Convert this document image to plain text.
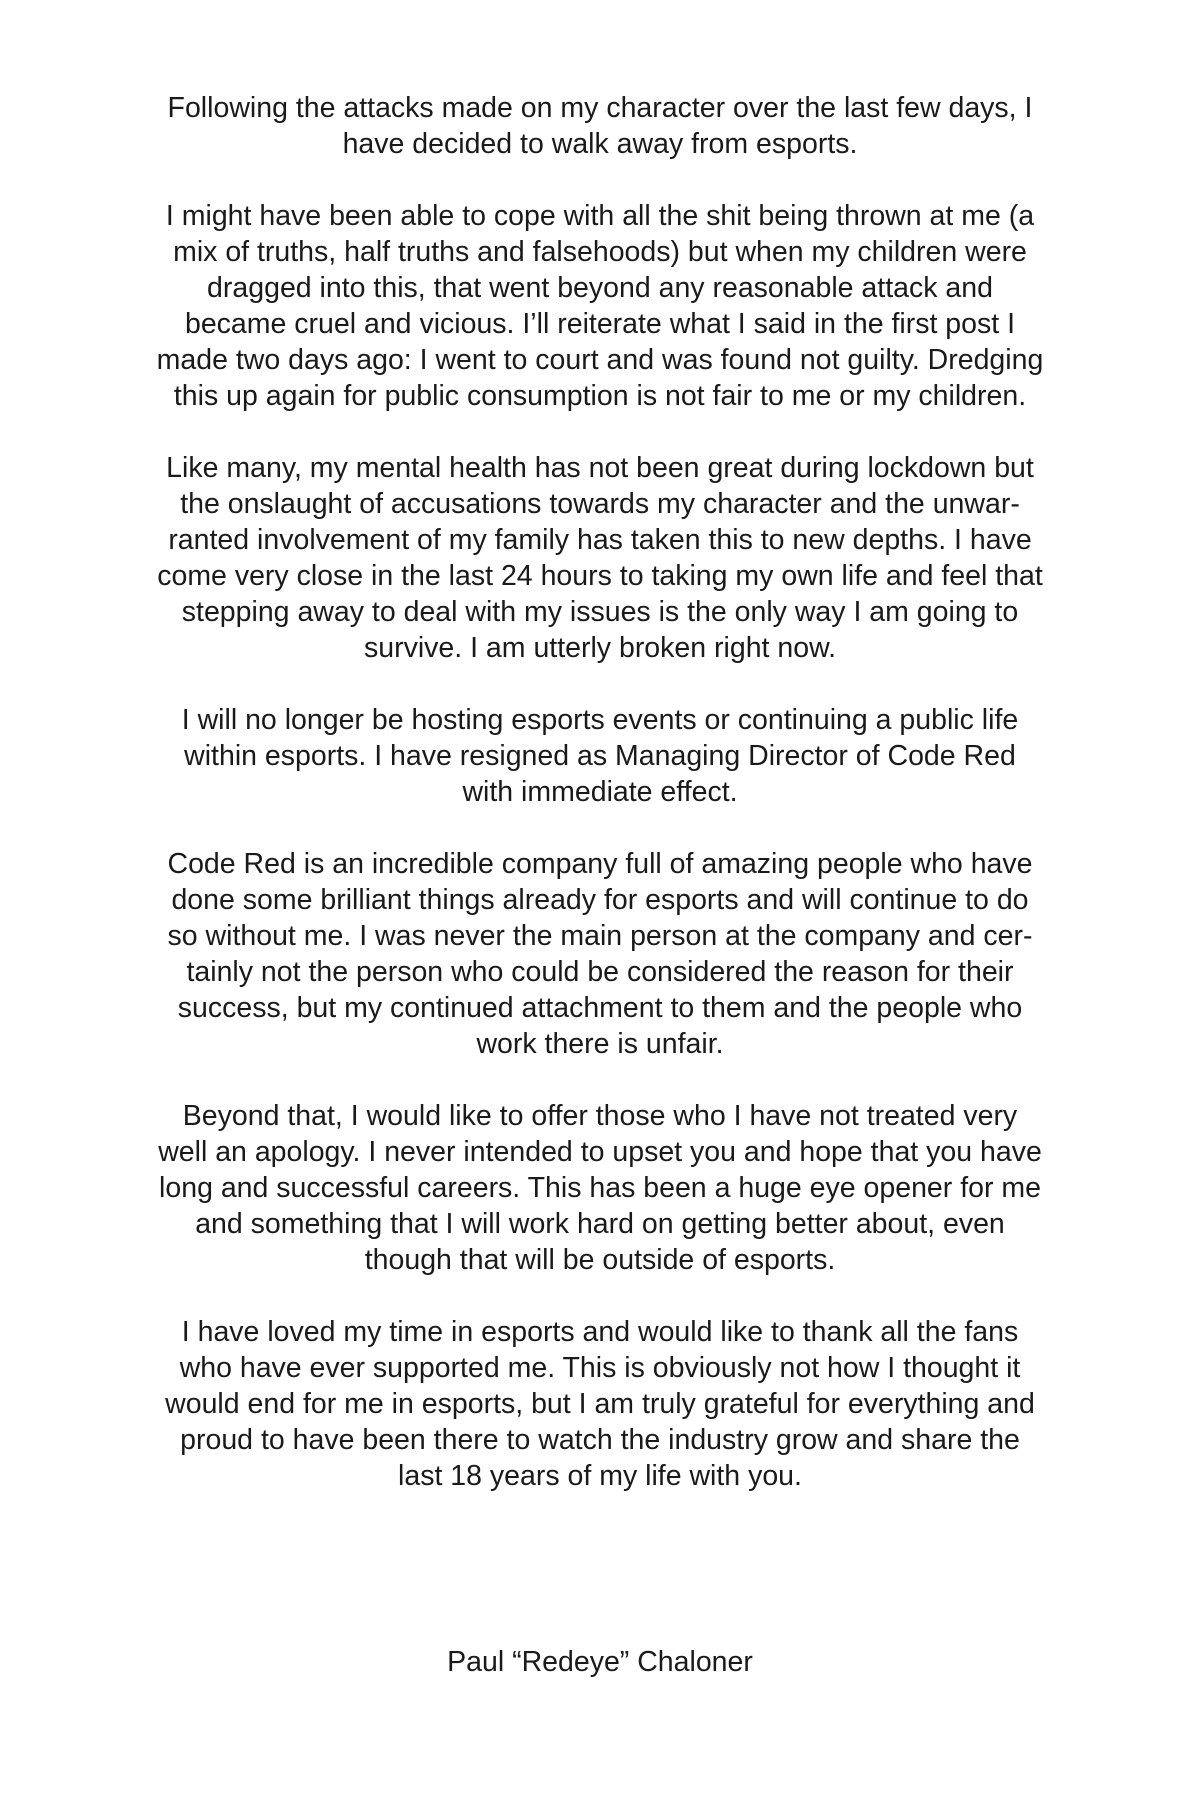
Following the attacks made on my character over the last few days, I
have decided to walk away from esports.

I might have been able to cope with all the shit being thrown at me (a
mix of truths, half truths and falsehoods) but when my children were
dragged into this, that went beyond any reasonable attack and
became cruel and vicious. I’ll reiterate what I said in the first post I
made two days ago: I went to court and was found not guilty. Dredging
this up again for public consumption is not fair to me or my children.

Like many, my mental health has not been great during lockdown but
the onslaught of accusations towards my character and the unwar-
ranted involvement of my family has taken this to new depths. I have
come very close in the last 24 hours to taking my own life and feel that
stepping away to deal with my issues is the only way I am going to
survive. I am utterly broken right now.

I will no longer be hosting esports events or continuing a public life
within esports. I have resigned as Managing Director of Code Red
with immediate effect.

Code Red is an incredible company full of amazing people who have
done some brilliant things already for esports and will continue to do
so without me. I was never the main person at the company and cer-
tainly not the person who could be considered the reason for their
success, but my continued attachment to them and the people who
work there is unfair.

Beyond that, I would like to offer those who I have not treated very
well an apology. I never intended to upset you and hope that you have
long and successful careers. This has been a huge eye opener for me
and something that I will work hard on getting better about, even
though that will be outside of esports.

I have loved my time in esports and would like to thank all the fans
who have ever supported me. This is obviously not how I thought it
would end for me in esports, but I am truly grateful for everything and
proud to have been there to watch the industry grow and share the
last 18 years of my life with you.

Paul “Redeye” Chaloner
